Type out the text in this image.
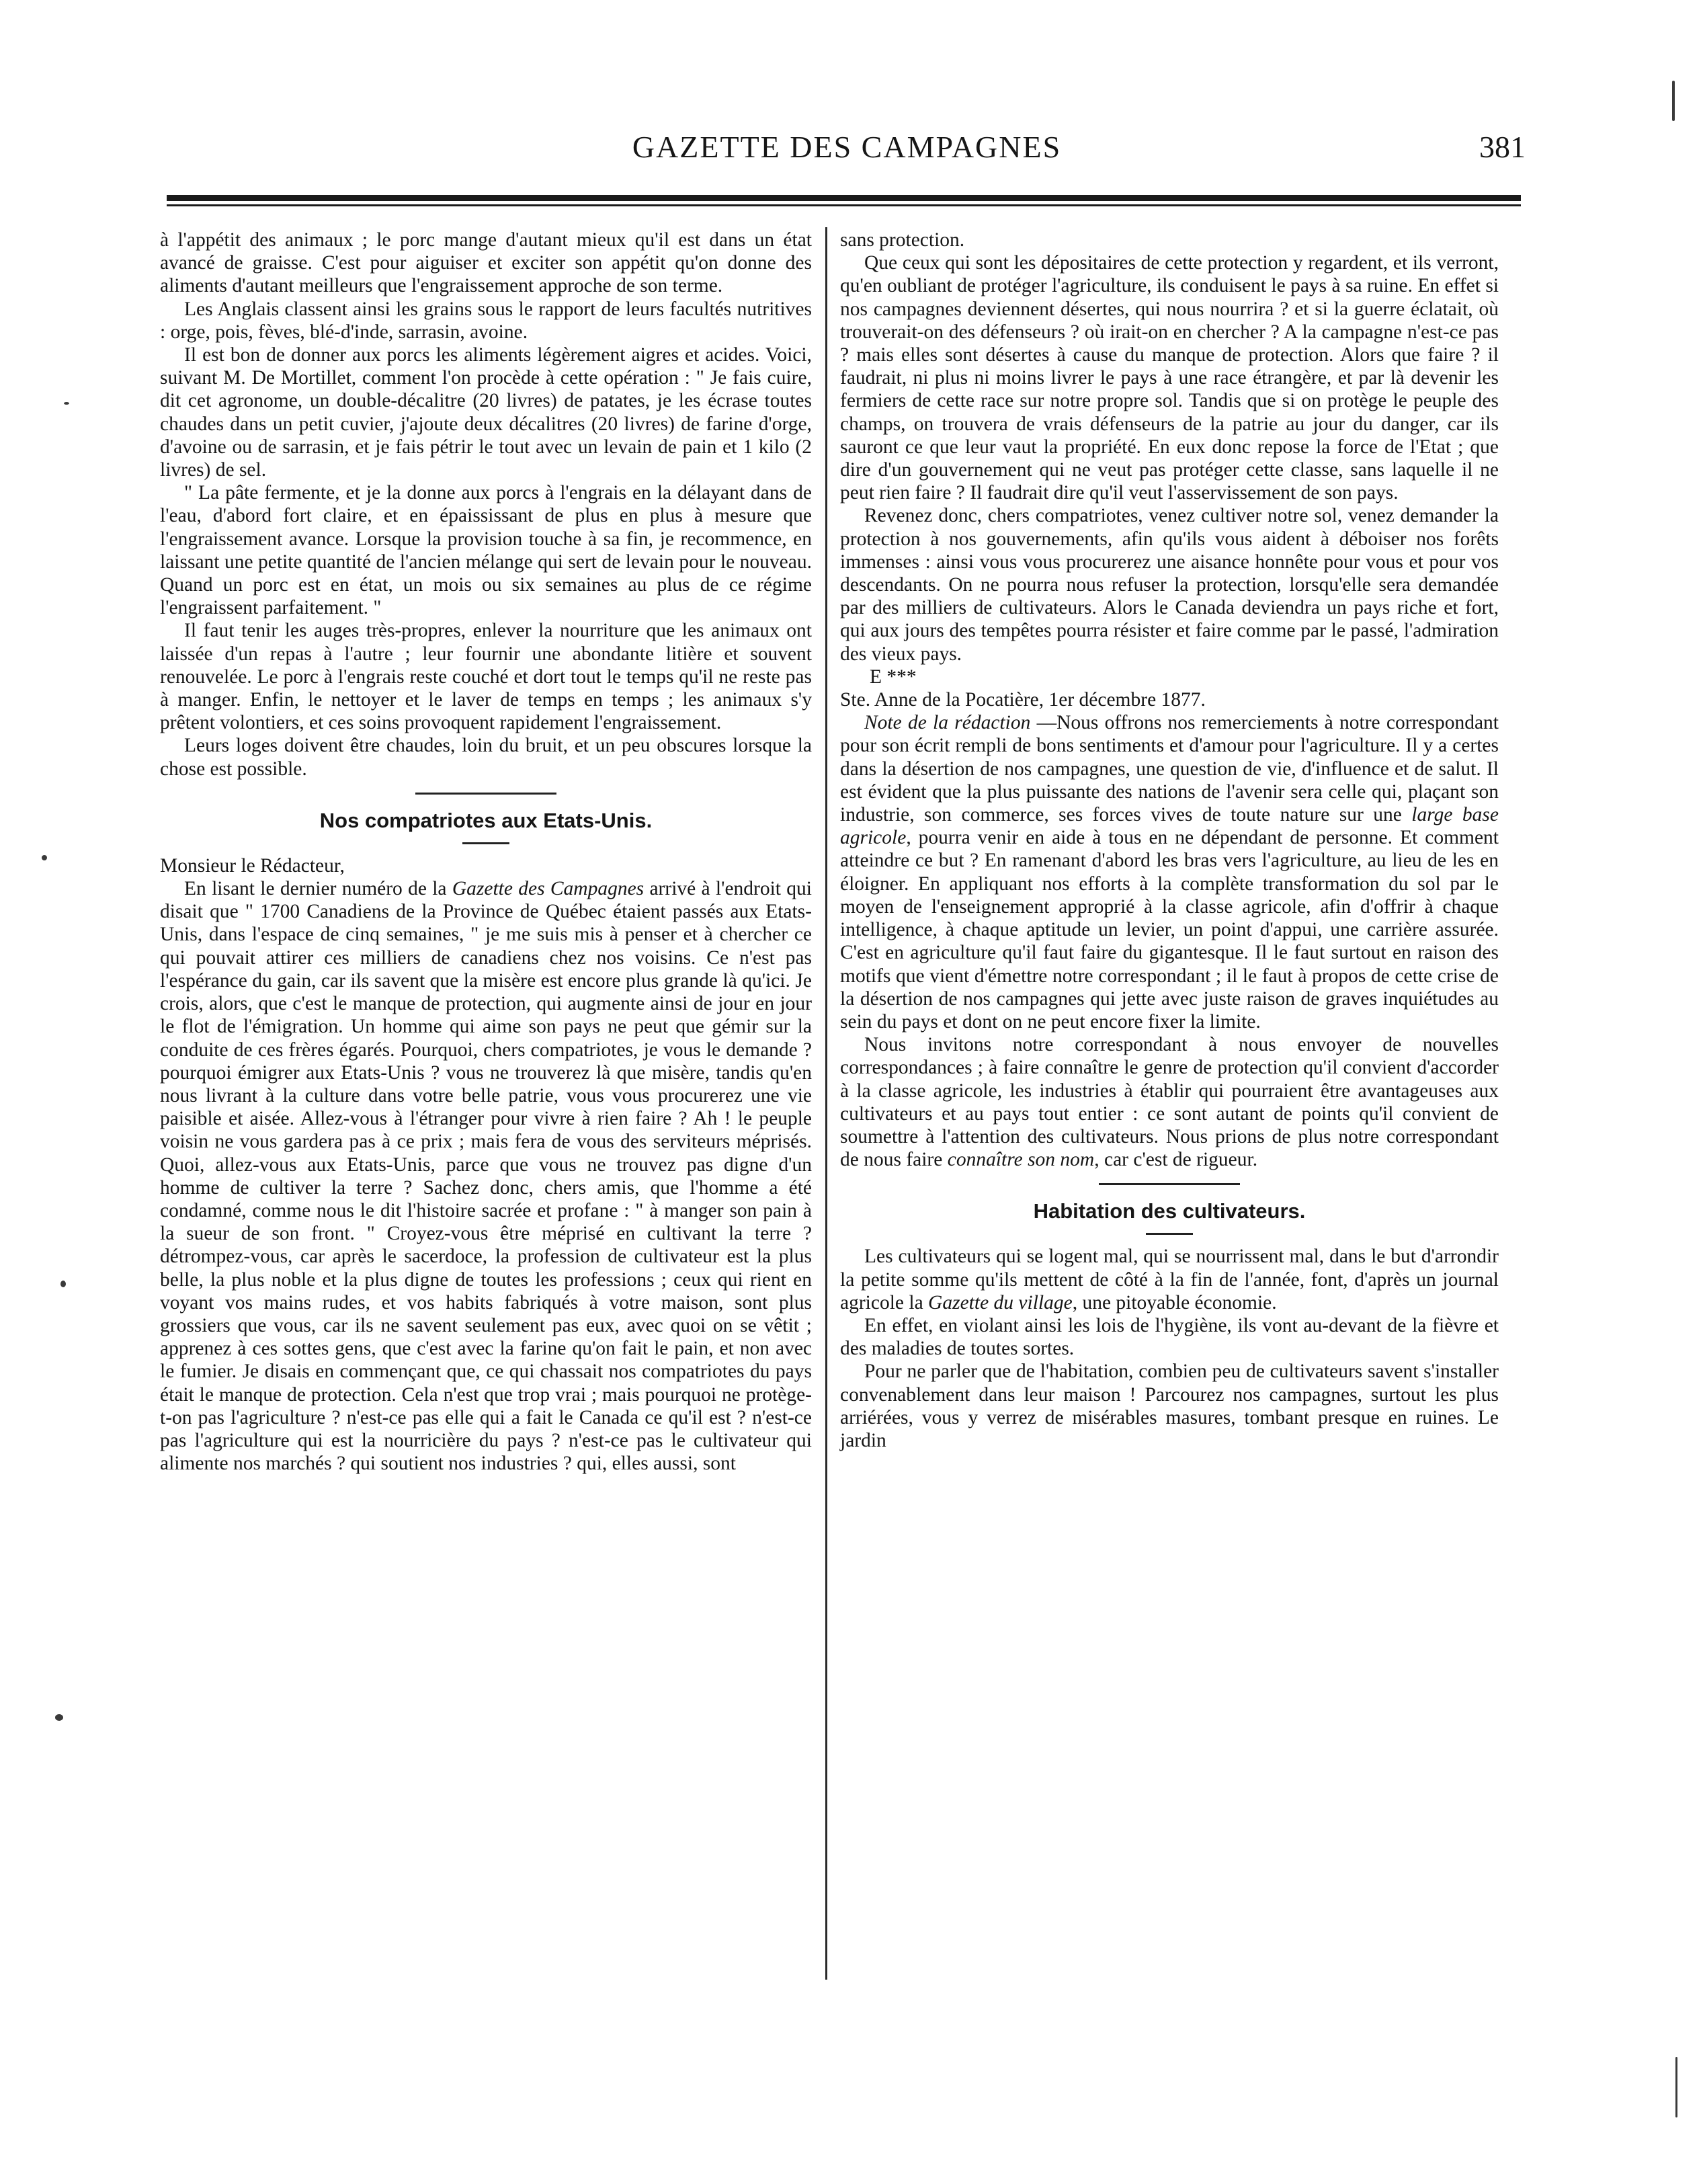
GAZETTE DES CAMPAGNES	381

à l'appétit des animaux ; le porc mange d'autant mieux qu'il est dans un état avancé de graisse. C'est pour aiguiser et exciter son appétit qu'on donne des aliments d'autant meilleurs que l'engraissement approche de son terme.

Les Anglais classent ainsi les grains sous le rapport de leurs facultés nutritives : orge, pois, fèves, blé-d'inde, sarrasin, avoine.

Il est bon de donner aux porcs les aliments légèrement aigres et acides. Voici, suivant M. De Mortillet, comment l'on procède à cette opération : " Je fais cuire, dit cet agronome, un double-décalitre (20 livres) de patates, je les écrase toutes chaudes dans un petit cuvier, j'ajoute deux décalitres (20 livres) de farine d'orge, d'avoine ou de sarrasin, et je fais pétrir le tout avec un levain de pain et 1 kilo (2 livres) de sel.

" La pâte fermente, et je la donne aux porcs à l'engrais en la délayant dans de l'eau, d'abord fort claire, et en épaississant de plus en plus à mesure que l'engraissement avance. Lorsque la provision touche à sa fin, je recommence, en laissant une petite quantité de l'ancien mélange qui sert de levain pour le nouveau. Quand un porc est en état, un mois ou six semaines au plus de ce régime l'engraissent parfaitement. "

Il faut tenir les auges très-propres, enlever la nourriture que les animaux ont laissée d'un repas à l'autre ; leur fournir une abondante litière et souvent renouvelée. Le porc à l'engrais reste couché et dort tout le temps qu'il ne reste pas à manger. Enfin, le nettoyer et le laver de temps en temps ; les animaux s'y prêtent volontiers, et ces soins provoquent rapidement l'engraissement.

Leurs loges doivent être chaudes, loin du bruit, et un peu obscures lorsque la chose est possible.

Nos compatriotes aux Etats-Unis.

Monsieur le Rédacteur,

En lisant le dernier numéro de la Gazette des Campagnes arrivé à l'endroit qui disait que " 1700 Canadiens de la Province de Québec étaient passés aux Etats-Unis, dans l'espace de cinq semaines, " je me suis mis à penser et à chercher ce qui pouvait attirer ces milliers de canadiens chez nos voisins. Ce n'est pas l'espérance du gain, car ils savent que la misère est encore plus grande là qu'ici. Je crois, alors, que c'est le manque de protection, qui augmente ainsi de jour en jour le flot de l'émigration. Un homme qui aime son pays ne peut que gémir sur la conduite de ces frères égarés. Pourquoi, chers compatriotes, je vous le demande ? pourquoi émigrer aux Etats-Unis ? vous ne trouverez là que misère, tandis qu'en nous livrant à la culture dans votre belle patrie, vous vous procurerez une vie paisible et aisée. Allez-vous à l'étranger pour vivre à rien faire ? Ah ! le peuple voisin ne vous gardera pas à ce prix ; mais fera de vous des serviteurs méprisés. Quoi, allez-vous aux Etats-Unis, parce que vous ne trouvez pas digne d'un homme de cultiver la terre ? Sachez donc, chers amis, que l'homme a été condamné, comme nous le dit l'histoire sacrée et profane : " à manger son pain à la sueur de son front. " Croyez-vous être méprisé en cultivant la terre ? détrompez-vous, car après le sacerdoce, la profession de cultivateur est la plus belle, la plus noble et la plus digne de toutes les professions ; ceux qui rient en voyant vos mains rudes, et vos habits fabriqués à votre maison, sont plus grossiers que vous, car ils ne savent seulement pas eux, avec quoi on se vêtit ; apprenez à ces sottes gens, que c'est avec la farine qu'on fait le pain, et non avec le fumier. Je disais en commençant que, ce qui chassait nos compatriotes du pays était le manque de protection. Cela n'est que trop vrai ; mais pourquoi ne protège-t-on pas l'agriculture ? n'est-ce pas elle qui a fait le Canada ce qu'il est ? n'est-ce pas l'agriculture qui est la nourricière du pays ? n'est-ce pas le cultivateur qui alimente nos marchés ? qui soutient nos industries ? qui, elles aussi, sont

sans protection.

Que ceux qui sont les dépositaires de cette protection y regardent, et ils verront, qu'en oubliant de protéger l'agriculture, ils conduisent le pays à sa ruine. En effet si nos campagnes deviennent désertes, qui nous nourrira ? et si la guerre éclatait, où trouverait-on des défenseurs ? où irait-on en chercher ? A la campagne n'est-ce pas ? mais elles sont désertes à cause du manque de protection. Alors que faire ? il faudrait, ni plus ni moins livrer le pays à une race étrangère, et par là devenir les fermiers de cette race sur notre propre sol. Tandis que si on protège le peuple des champs, on trouvera de vrais défenseurs de la patrie au jour du danger, car ils sauront ce que leur vaut la propriété. En eux donc repose la force de l'Etat ; que dire d'un gouvernement qui ne veut pas protéger cette classe, sans laquelle il ne peut rien faire ? Il faudrait dire qu'il veut l'asservissement de son pays.

Revenez donc, chers compatriotes, venez cultiver notre sol, venez demander la protection à nos gouvernements, afin qu'ils vous aident à déboiser nos forêts immenses : ainsi vous vous procurerez une aisance honnête pour vous et pour vos descendants. On ne pourra nous refuser la protection, lorsqu'elle sera demandée par des milliers de cultivateurs. Alors le Canada deviendra un pays riche et fort, qui aux jours des tempêtes pourra résister et faire comme par le passé, l'admiration des vieux pays.

E ***

Ste. Anne de la Pocatière, 1er décembre 1877.

Note de la rédaction —Nous offrons nos remerciements à notre correspondant pour son écrit rempli de bons sentiments et d'amour pour l'agriculture. Il y a certes dans la désertion de nos campagnes, une question de vie, d'influence et de salut. Il est évident que la plus puissante des nations de l'avenir sera celle qui, plaçant son industrie, son commerce, ses forces vives de toute nature sur une large base agricole, pourra venir en aide à tous en ne dépendant de personne. Et comment atteindre ce but ? En ramenant d'abord les bras vers l'agriculture, au lieu de les en éloigner. En appliquant nos efforts à la complète transformation du sol par le moyen de l'enseignement approprié à la classe agricole, afin d'offrir à chaque intelligence, à chaque aptitude un levier, un point d'appui, une carrière assurée. C'est en agriculture qu'il faut faire du gigantesque. Il le faut surtout en raison des motifs que vient d'émettre notre correspondant ; il le faut à propos de cette crise de la désertion de nos campagnes qui jette avec juste raison de graves inquiétudes au sein du pays et dont on ne peut encore fixer la limite.

Nous invitons notre correspondant à nous envoyer de nouvelles correspondances ; à faire connaître le genre de protection qu'il convient d'accorder à la classe agricole, les industries à établir qui pourraient être avantageuses aux cultivateurs et au pays tout entier : ce sont autant de points qu'il convient de soumettre à l'attention des cultivateurs. Nous prions de plus notre correspondant de nous faire connaître son nom, car c'est de rigueur.

Habitation des cultivateurs.

Les cultivateurs qui se logent mal, qui se nourrissent mal, dans le but d'arrondir la petite somme qu'ils mettent de côté à la fin de l'année, font, d'après un journal agricole la Gazette du village, une pitoyable économie.

En effet, en violant ainsi les lois de l'hygiène, ils vont au-devant de la fièvre et des maladies de toutes sortes.

Pour ne parler que de l'habitation, combien peu de cultivateurs savent s'installer convenablement dans leur maison ! Parcourez nos campagnes, surtout les plus arriérées, vous y verrez de misérables masures, tombant presque en ruines. Le jardin
